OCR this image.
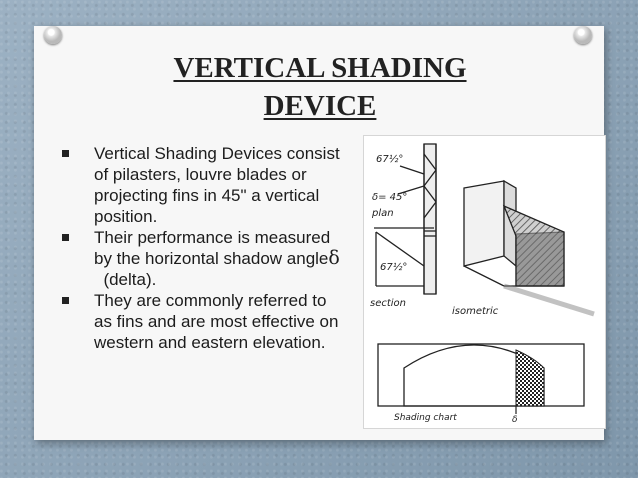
VERTICAL SHADING
DEVICE
Vertical Shading Devices consist of pilasters, louvre blades or projecting fins in 45" a vertical position.
Their performance is measured by the horizontal shadow angleδ  (delta).
They are commonly referred to as fins and are most effective on western and eastern elevation.
67½°
δ= 45°
plan
67½°
section
isometric
δ
Shading chart
